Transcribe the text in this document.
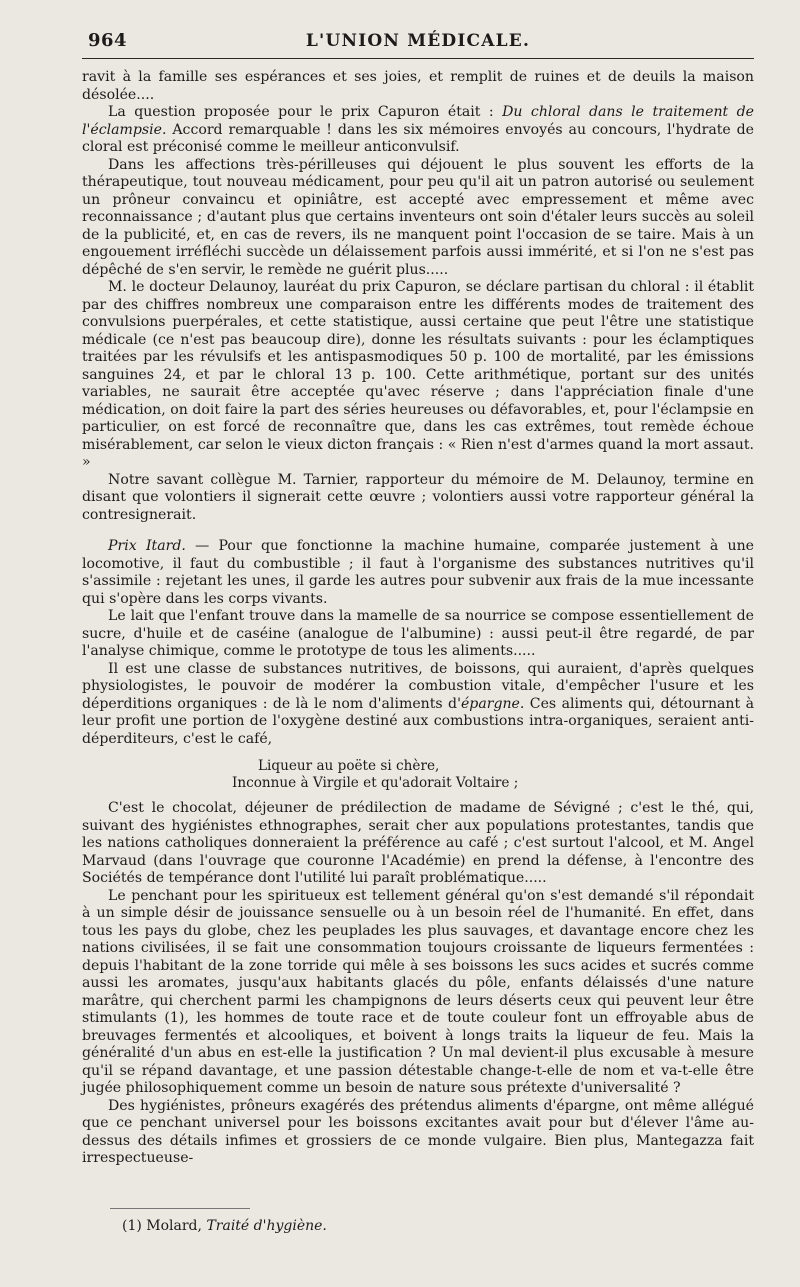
964	L'UNION MÉDICALE.

ravit à la famille ses espérances et ses joies, et remplit de ruines et de deuils la maison désolée....

La question proposée pour le prix Capuron était : Du chloral dans le traitement de l'éclampsie. Accord remarquable ! dans les six mémoires envoyés au concours, l'hydrate de cloral est préconisé comme le meilleur anticonvulsif.

Dans les affections très-périlleuses qui déjouent le plus souvent les efforts de la thérapeutique, tout nouveau médicament, pour peu qu'il ait un patron autorisé ou seulement un prôneur convaincu et opiniâtre, est accepté avec empressement et même avec reconnaissance ; d'autant plus que certains inventeurs ont soin d'étaler leurs succès au soleil de la publicité, et, en cas de revers, ils ne manquent point l'occasion de se taire. Mais à un engouement irréfléchi succède un délaissement parfois aussi immérité, et si l'on ne s'est pas dépêché de s'en servir, le remède ne guérit plus.....

M. le docteur Delaunoy, lauréat du prix Capuron, se déclare partisan du chloral : il établit par des chiffres nombreux une comparaison entre les différents modes de traitement des convulsions puerpérales, et cette statistique, aussi certaine que peut l'être une statistique médicale (ce n'est pas beaucoup dire), donne les résultats suivants : pour les éclamptiques traitées par les révulsifs et les antispasmodiques 50 p. 100 de mortalité, par les émissions sanguines 24, et par le chloral 13 p. 100. Cette arithmétique, portant sur des unités variables, ne saurait être acceptée qu'avec réserve ; dans l'appréciation finale d'une médication, on doit faire la part des séries heureuses ou défavorables, et, pour l'éclampsie en particulier, on est forcé de reconnaître que, dans les cas extrêmes, tout remède échoue misérablement, car selon le vieux dicton français : « Rien n'est d'armes quand la mort assaut. »

Notre savant collègue M. Tarnier, rapporteur du mémoire de M. Delaunoy, termine en disant que volontiers il signerait cette œuvre ; volontiers aussi votre rapporteur général la contresignerait.

Prix Itard. — Pour que fonctionne la machine humaine, comparée justement à une locomotive, il faut du combustible ; il faut à l'organisme des substances nutritives qu'il s'assimile : rejetant les unes, il garde les autres pour subvenir aux frais de la mue incessante qui s'opère dans les corps vivants.

Le lait que l'enfant trouve dans la mamelle de sa nourrice se compose essentiellement de sucre, d'huile et de caséine (analogue de l'albumine) : aussi peut-il être regardé, de par l'analyse chimique, comme le prototype de tous les aliments.....

Il est une classe de substances nutritives, de boissons, qui auraient, d'après quelques physiologistes, le pouvoir de modérer la combustion vitale, d'empêcher l'usure et les déperditions organiques : de là le nom d'aliments d'épargne. Ces aliments qui, détournant à leur profit une portion de l'oxygène destiné aux combustions intra-organiques, seraient anti-déperditeurs, c'est le café,

Liqueur au poëte si chère,
Inconnue à Virgile et qu'adorait Voltaire ;

C'est le chocolat, déjeuner de prédilection de madame de Sévigné ; c'est le thé, qui, suivant des hygiénistes ethnographes, serait cher aux populations protestantes, tandis que les nations catholiques donneraient la préférence au café ; c'est surtout l'alcool, et M. Angel Marvaud (dans l'ouvrage que couronne l'Académie) en prend la défense, à l'encontre des Sociétés de tempérance dont l'utilité lui paraît problématique.....

Le penchant pour les spiritueux est tellement général qu'on s'est demandé s'il répondait à un simple désir de jouissance sensuelle ou à un besoin réel de l'humanité. En effet, dans tous les pays du globe, chez les peuplades les plus sauvages, et davantage encore chez les nations civilisées, il se fait une consommation toujours croissante de liqueurs fermentées : depuis l'habitant de la zone torride qui mêle à ses boissons les sucs acides et sucrés comme aussi les aromates, jusqu'aux habitants glacés du pôle, enfants délaissés d'une nature marâtre, qui cherchent parmi les champignons de leurs déserts ceux qui peuvent leur être stimulants (1), les hommes de toute race et de toute couleur font un effroyable abus de breuvages fermentés et alcooliques, et boivent à longs traits la liqueur de feu. Mais la généralité d'un abus en est-elle la justification ? Un mal devient-il plus excusable à mesure qu'il se répand davantage, et une passion détestable change-t-elle de nom et va-t-elle être jugée philosophiquement comme un besoin de nature sous prétexte d'universalité ?

Des hygiénistes, prôneurs exagérés des prétendus aliments d'épargne, ont même allégué que ce penchant universel pour les boissons excitantes avait pour but d'élever l'âme au-dessus des détails infimes et grossiers de ce monde vulgaire. Bien plus, Mantegazza fait irrespectueuse-

(1) Molard, Traité d'hygiène.
